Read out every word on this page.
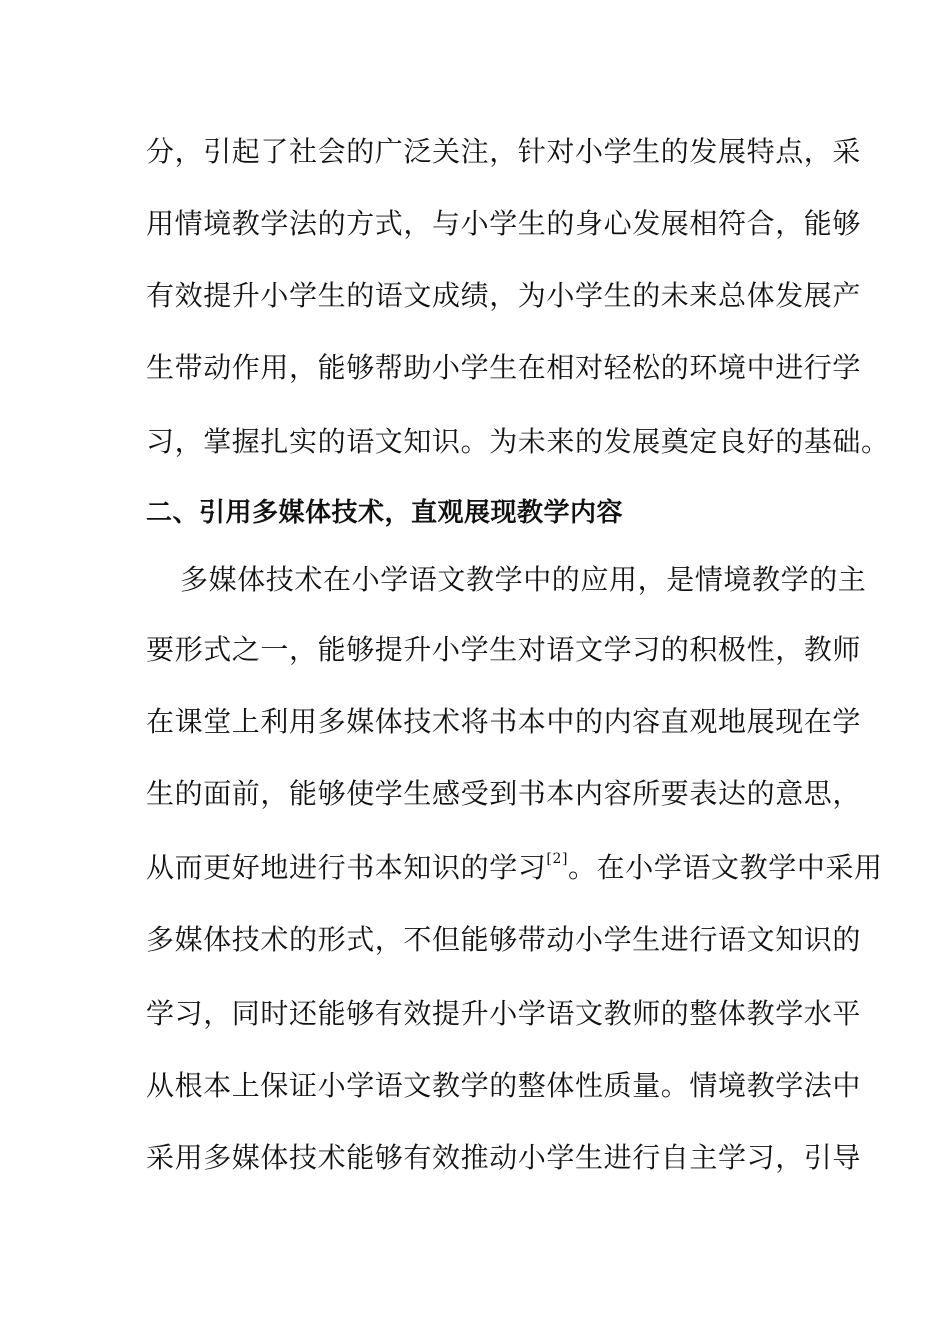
分，引起了社会的广泛关注，针对小学生的发展特点，采
用情境教学法的方式，与小学生的身心发展相符合，能够
有效提升小学生的语文成绩，为小学生的未来总体发展产
生带动作用，能够帮助小学生在相对轻松的环境中进行学
习，掌握扎实的语文知识。为未来的发展奠定良好的基础。
二、引用多媒体技术，直观展现教学内容
多媒体技术在小学语文教学中的应用，是情境教学的主
要形式之一，能够提升小学生对语文学习的积极性，教师
在课堂上利用多媒体技术将书本中的内容直观地展现在学
生的面前，能够使学生感受到书本内容所要表达的意思，
从而更好地进行书本知识的学习[2]。在小学语文教学中采用
多媒体技术的形式，不但能够带动小学生进行语文知识的
学习，同时还能够有效提升小学语文教师的整体教学水平
从根本上保证小学语文教学的整体性质量。情境教学法中
采用多媒体技术能够有效推动小学生进行自主学习，引导
